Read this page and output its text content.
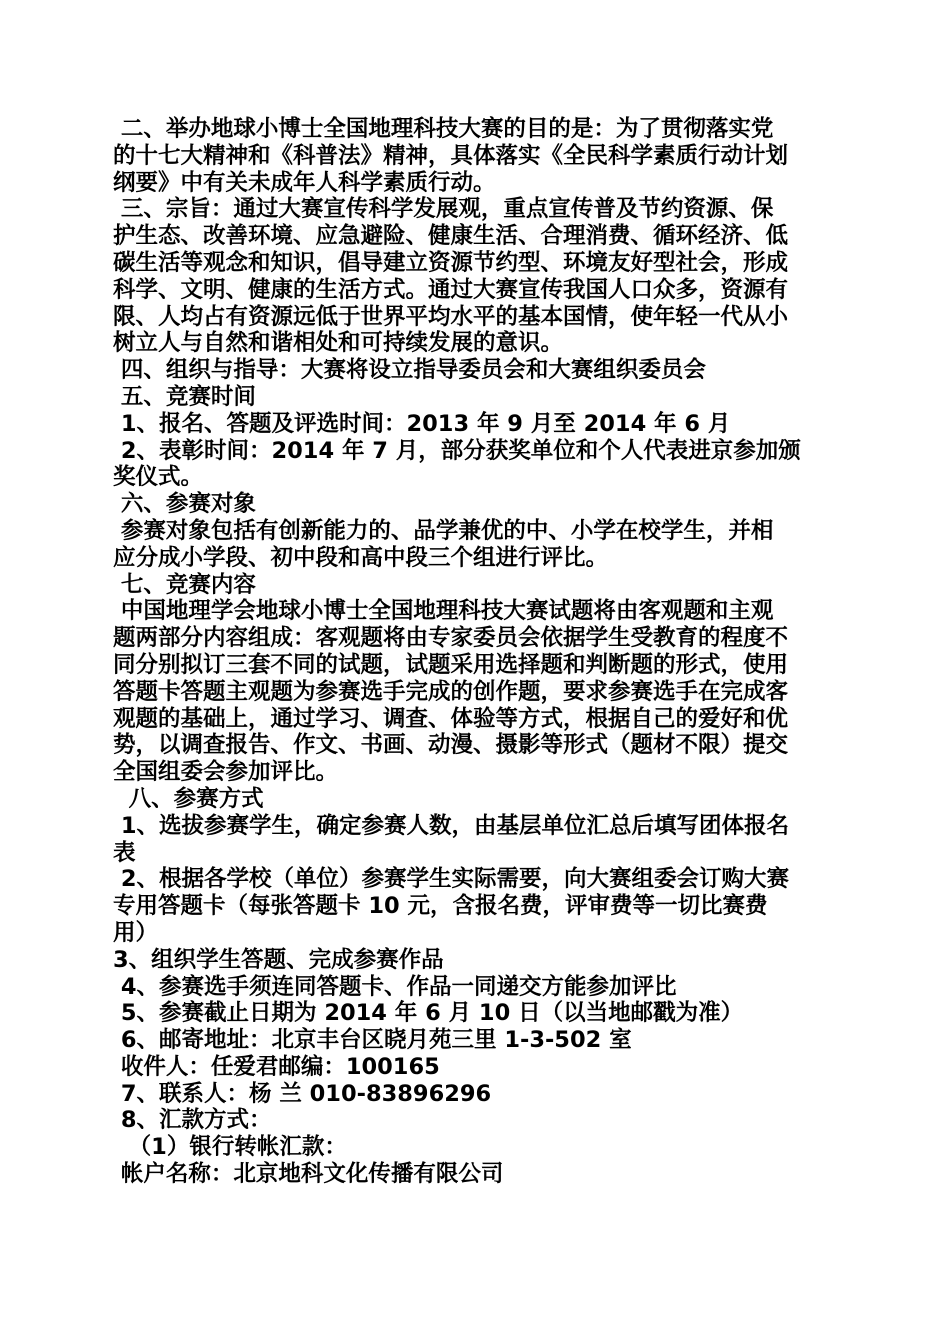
二、举办地球小博士全国地理科技大赛的目的是：为了贯彻落实党
的十七大精神和《科普法》精神，具体落实《全民科学素质行动计划
纲要》中有关未成年人科学素质行动。
三、宗旨：通过大赛宣传科学发展观，重点宣传普及节约资源、保
护生态、改善环境、应急避险、健康生活、合理消费、循环经济、低
碳生活等观念和知识，倡导建立资源节约型、环境友好型社会，形成
科学、文明、健康的生活方式。通过大赛宣传我国人口众多，资源有
限、人均占有资源远低于世界平均水平的基本国情，使年轻一代从小
树立人与自然和谐相处和可持续发展的意识。
四、组织与指导：大赛将设立指导委员会和大赛组织委员会
五、竞赛时间
1、报名、答题及评选时间：2013 年 9 月至 2014 年 6 月
2、表彰时间：2014 年 7 月，部分获奖单位和个人代表进京参加颁
奖仪式。
六、参赛对象
参赛对象包括有创新能力的、品学兼优的中、小学在校学生，并相
应分成小学段、初中段和高中段三个组进行评比。
七、竞赛内容
中国地理学会地球小博士全国地理科技大赛试题将由客观题和主观
题两部分内容组成：客观题将由专家委员会依据学生受教育的程度不
同分别拟订三套不同的试题，试题采用选择题和判断题的形式，使用
答题卡答题主观题为参赛选手完成的创作题，要求参赛选手在完成客
观题的基础上，通过学习、调查、体验等方式，根据自己的爱好和优
势，以调查报告、作文、书画、动漫、摄影等形式（题材不限）提交
全国组委会参加评比。
八、参赛方式
1、选拔参赛学生，确定参赛人数，由基层单位汇总后填写团体报名
表
2、根据各学校（单位）参赛学生实际需要，向大赛组委会订购大赛
专用答题卡（每张答题卡 10 元，含报名费，评审费等一切比赛费
用）
3、组织学生答题、完成参赛作品
4、参赛选手须连同答题卡、作品一同递交方能参加评比
5、参赛截止日期为 2014 年 6 月 10 日（以当地邮戳为准）
6、邮寄地址：北京丰台区晓月苑三里 1-3-502 室
收件人：任爱君邮编：100165
7、联系人：杨 兰 010-83896296
8、汇款方式：
（1）银行转帐汇款：
帐户名称：北京地科文化传播有限公司
